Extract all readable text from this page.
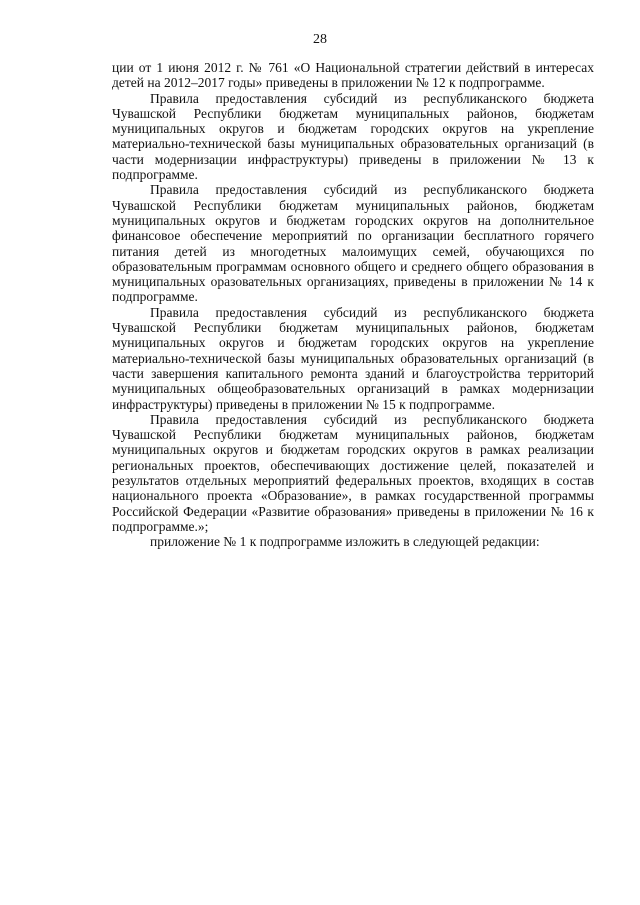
28

ции от 1 июня 2012 г. № 761 «О Национальной стратегии действий в интересах детей на 2012–2017 годы» приведены в приложении № 12 к подпрограмме.

Правила предоставления субсидий из республиканского бюджета Чувашской Республики бюджетам муниципальных районов, бюджетам муниципальных округов и бюджетам городских округов на укрепление материально-технической базы муниципальных образовательных организаций (в части модернизации инфраструктуры) приведены в приложении № 13 к подпрограмме.

Правила предоставления субсидий из республиканского бюджета Чувашской Республики бюджетам муниципальных районов, бюджетам муниципальных округов и бюджетам городских округов на дополнительное финансовое обеспечение мероприятий по организации бесплатного горячего питания детей из многодетных малоимущих семей, обучающихся по образовательным программам основного общего и среднего общего образования в муниципальных оразовательных организациях, приведены в приложении № 14 к подпрограмме.

Правила предоставления субсидий из республиканского бюджета Чувашской Республики бюджетам муниципальных районов, бюджетам муниципальных округов и бюджетам городских округов на укрепление материально-технической базы муниципальных образовательных организаций (в части завершения капитального ремонта зданий и благоустройства территорий муниципальных общеобразовательных организаций в рамках модернизации инфраструктуры) приведены в приложении № 15 к подпрограмме.

Правила предоставления субсидий из республиканского бюджета Чувашской Республики бюджетам муниципальных районов, бюджетам муниципальных округов и бюджетам городских округов в рамках реализации региональных проектов, обеспечивающих достижение целей, показателей и результатов отдельных мероприятий федеральных проектов, входящих в состав национального проекта «Образование», в рамках государственной программы Российской Федерации «Развитие образования» приведены в приложении № 16 к подпрограмме.»;

приложение № 1 к подпрограмме изложить в следующей редакции:
